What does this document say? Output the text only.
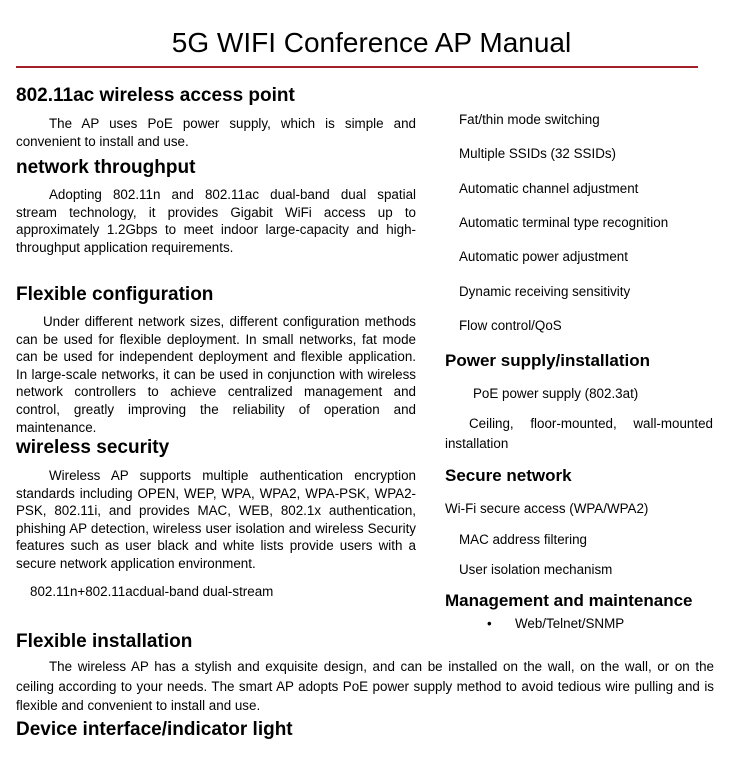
5G WIFI Conference AP Manual
802.11ac wireless access point

The AP uses PoE power supply, which is simple and convenient to install and use.

network throughput

Adopting 802.11n and 802.11ac dual-band dual spatial stream technology, it provides Gigabit WiFi access up to approximately 1.2Gbps to meet indoor large-capacity and high-throughput application requirements.

Flexible configuration

Under different network sizes, different configuration methods can be used for flexible deployment. In small networks, fat mode can be used for independent deployment and flexible application. In large-scale networks, it can be used in conjunction with wireless network controllers to achieve centralized management and control, greatly improving the reliability of operation and maintenance.

wireless security

Wireless AP supports multiple authentication encryption standards including OPEN, WEP, WPA, WPA2, WPA-PSK, WPA2-PSK, 802.11i, and provides MAC, WEB, 802.1x authentication, phishing AP detection, wireless user isolation and wireless Security features such as user black and white lists provide users with a secure network application environment.

802.11n+802.11acdual-band dual-stream

Fat/thin mode switching

Multiple SSIDs (32 SSIDs)

Automatic channel adjustment

Automatic terminal type recognition

Automatic power adjustment

Dynamic receiving sensitivity

Flow control/QoS

Power supply/installation

PoE power supply (802.3at)

Ceiling, floor-mounted, wall-mounted installation

Secure network

Wi-Fi secure access (WPA/WPA2)

MAC address filtering

User isolation mechanism

Management and maintenance
• Web/Telnet/SNMP

Flexible installation

The wireless AP has a stylish and exquisite design, and can be installed on the wall, on the wall, or on the ceiling according to your needs. The smart AP adopts PoE power supply method to avoid tedious wire pulling and is flexible and convenient to install and use.

Device interface/indicator light
